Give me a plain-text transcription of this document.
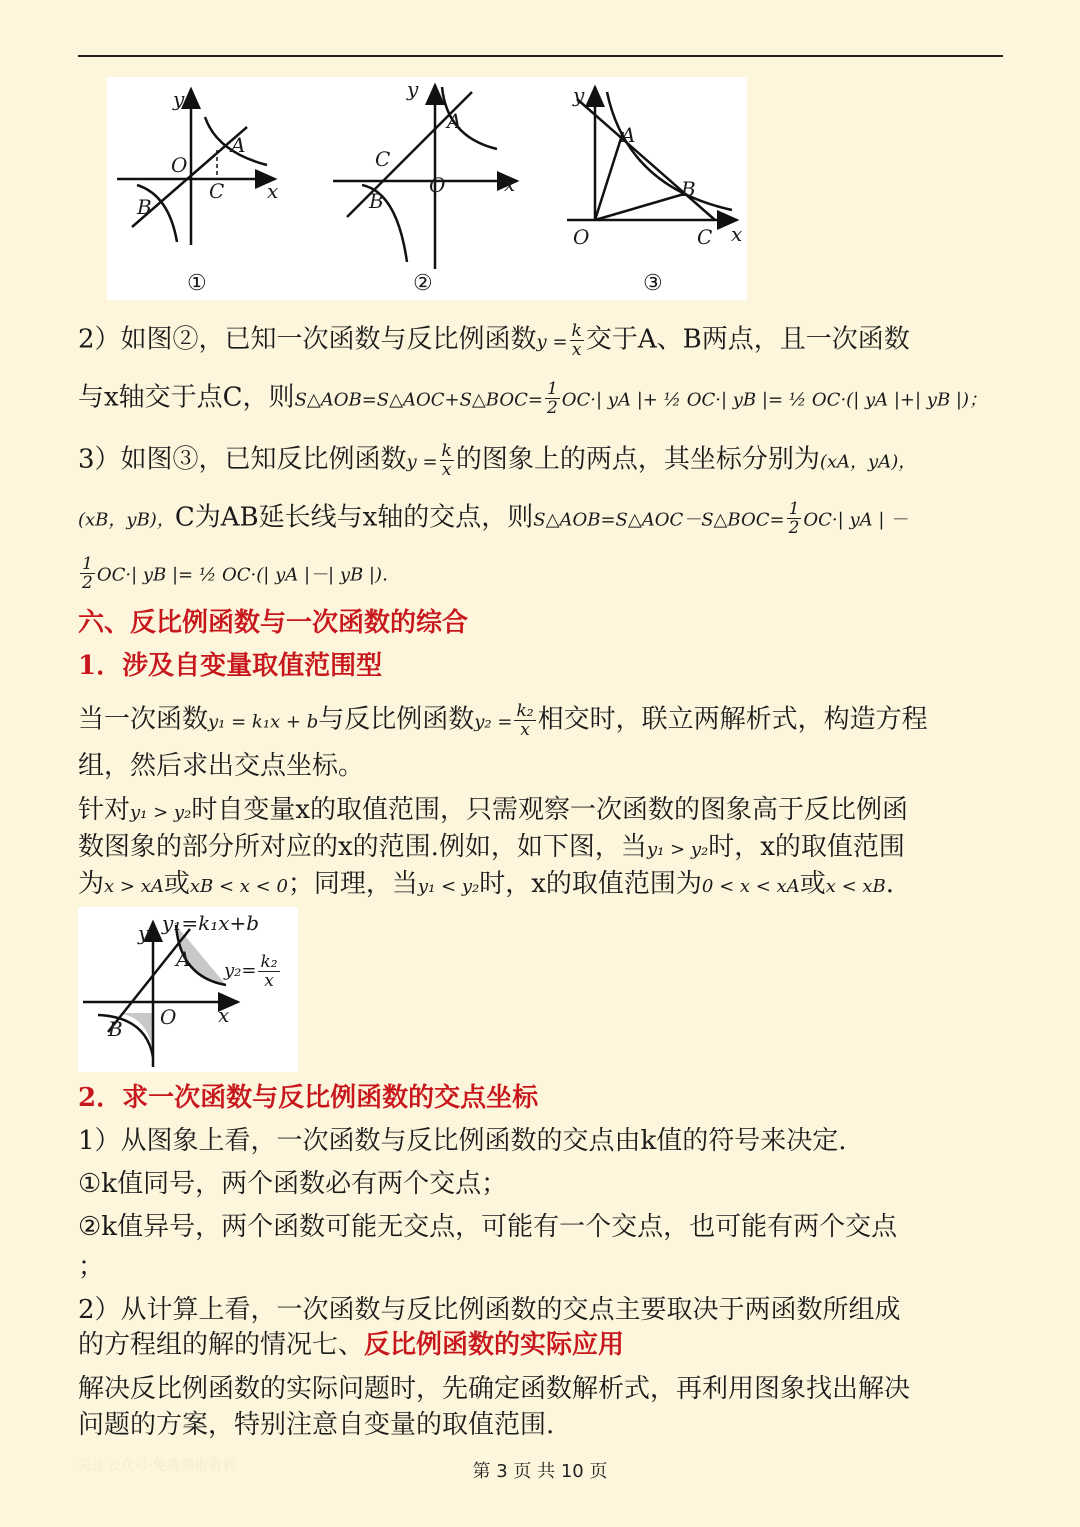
y
x
O
A
B
C
y
x
O
A
B
C
y
x
O
A
B
C
①	②	③
2）如图②，已知一次函数与反比例函数$y = \frac{k}{x}$ 交于A、B两点，且一次函数
与x轴交于点C，则S△AOB=S△AOC+S△BOC= $\frac{1}{2} OC\cdot|$ yA |+ ½ OC·| yB |= ½ OC·(| yA |+| yB |)；
3）如图③，已知反比例函数$y = \frac{k}{x}$ 的图象上的两点，其坐标分别为(xA，yA)，
(xB，yB)，C为AB延长线与x轴的交点，则S△AOB=S△AOC－S△BOC= $\frac{1}{2} OC\cdot|$ yA | －
$\frac{1}{2} OC\cdot|$ yB |= ½ OC·(| yA |－| yB |)．
六、反比例函数与一次函数的综合
1．涉及自变量取值范围型
当一次函数y₁ = k₁x + b与反比例函数$y_2 = \frac{\text{k₂}}{x}$ 相交时，联立两解析式，构造方程
组，然后求出交点坐标。
针对y₁ > y₂时自变量x的取值范围，只需观察一次函数的图象高于反比例函
数图象的部分所对应的x的范围.例如，如下图，当y₁ > y₂时，x的取值范围
为x > xA或xB < x < 0；同理，当y₁ < y₂时，x的取值范围为0 < x < xA或x < xB.
y
x
O
A
B
y₁=k₁x+b
$y_2= \frac{\text{k₂}}{x}$
2．求一次函数与反比例函数的交点坐标
1）从图象上看，一次函数与反比例函数的交点由k值的符号来决定.
①k值同号，两个函数必有两个交点；
②k值异号，两个函数可能无交点，可能有一个交点，也可能有两个交点
；
2）从计算上看，一次函数与反比例函数的交点主要取决于两函数所组成
的方程组的解的情况七、反比例函数的实际应用
解决反比例函数的实际问题时，先确定函数解析式，再利用图象找出解决
问题的方案，特别注意自变量的取值范围.
关注公众号·免费领取资料	第 3 页 共 10 页
